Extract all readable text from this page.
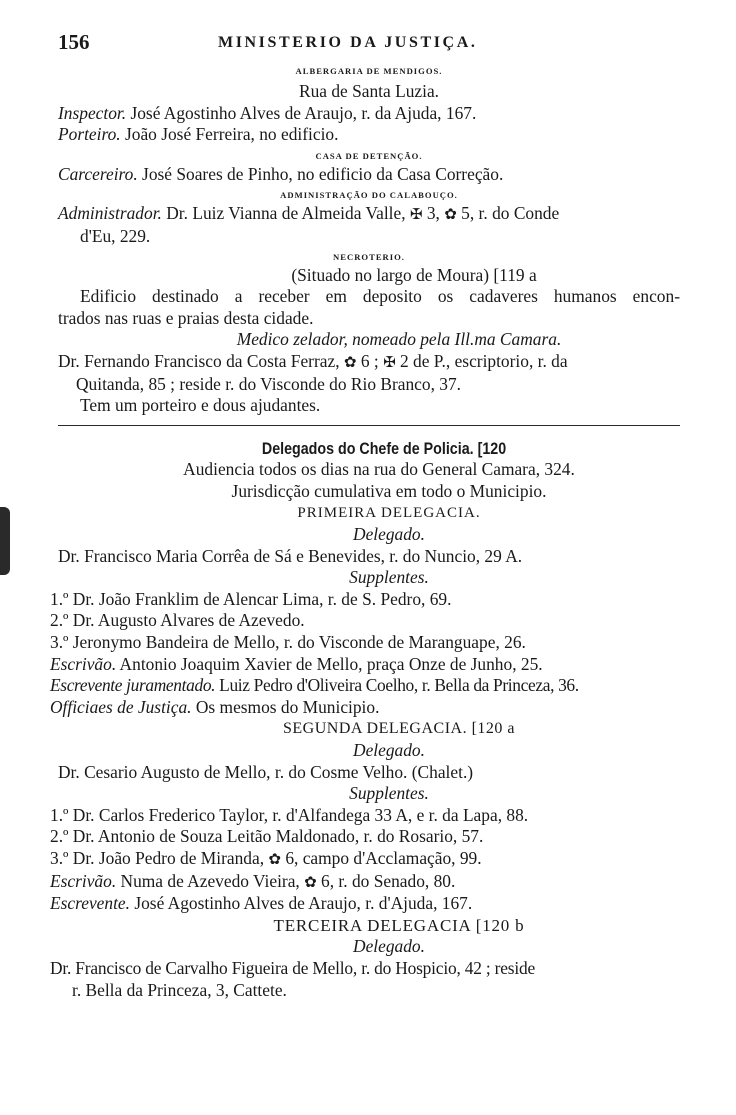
156	MINISTERIO DA JUSTIÇA.
ALBERGARIA DE MENDIGOS.
Rua de Santa Luzia.
Inspector. José Agostinho Alves de Araujo, r. da Ajuda, 167.
Porteiro. João José Ferreira, no edificio.
CASA DE DETENÇÃO.
Carcereiro. José Soares de Pinho, no edificio da Casa Correção.
ADMINISTRAÇÃO DO CALABOUÇO.
Administrador. Dr. Luiz Vianna de Almeida Valle, ✠ 3, ✿ 5, r. do Conde
d'Eu, 229.
NECROTERIO.
(Situado no largo de Moura) [119 a
Edificio destinado a receber em deposito os cadaveres humanos encon-
trados nas ruas e praias desta cidade.
Medico zelador, nomeado pela Ill.ma Camara.
Dr. Fernando Francisco da Costa Ferraz, ✿ 6 ; ✠ 2 de P., escriptorio, r. da
Quitanda, 85 ; reside r. do Visconde do Rio Branco, 37.
Tem um porteiro e dous ajudantes.
Delegados do Chefe de Policia. [120
Audiencia todos os dias na rua do General Camara, 324.
Jurisdicção cumulativa em todo o Municipio.
PRIMEIRA DELEGACIA.
Delegado.
Dr. Francisco Maria Corrêa de Sá e Benevides, r. do Nuncio, 29 A.
Supplentes.
1.º Dr. João Franklim de Alencar Lima, r. de S. Pedro, 69.
2.º Dr. Augusto Alvares de Azevedo.
3.º Jeronymo Bandeira de Mello, r. do Visconde de Maranguape, 26.
Escrivão. Antonio Joaquim Xavier de Mello, praça Onze de Junho, 25.
Escrevente juramentado. Luiz Pedro d'Oliveira Coelho, r. Bella da Princeza, 36.
Officiaes de Justiça. Os mesmos do Municipio.
SEGUNDA DELEGACIA. [120 a
Delegado.
Dr. Cesario Augusto de Mello, r. do Cosme Velho. (Chalet.)
Supplentes.
1.º Dr. Carlos Frederico Taylor, r. d'Alfandega 33 A, e r. da Lapa, 88.
2.º Dr. Antonio de Souza Leitão Maldonado, r. do Rosario, 57.
3.º Dr. João Pedro de Miranda, ✿ 6, campo d'Acclamação, 99.
Escrivão. Numa de Azevedo Vieira, ✿ 6, r. do Senado, 80.
Escrevente. José Agostinho Alves de Araujo, r. d'Ajuda, 167.
TERCEIRA DELEGACIA [120 b
Delegado.
Dr. Francisco de Carvalho Figueira de Mello, r. do Hospicio, 42 ; reside
r. Bella da Princeza, 3, Cattete.
